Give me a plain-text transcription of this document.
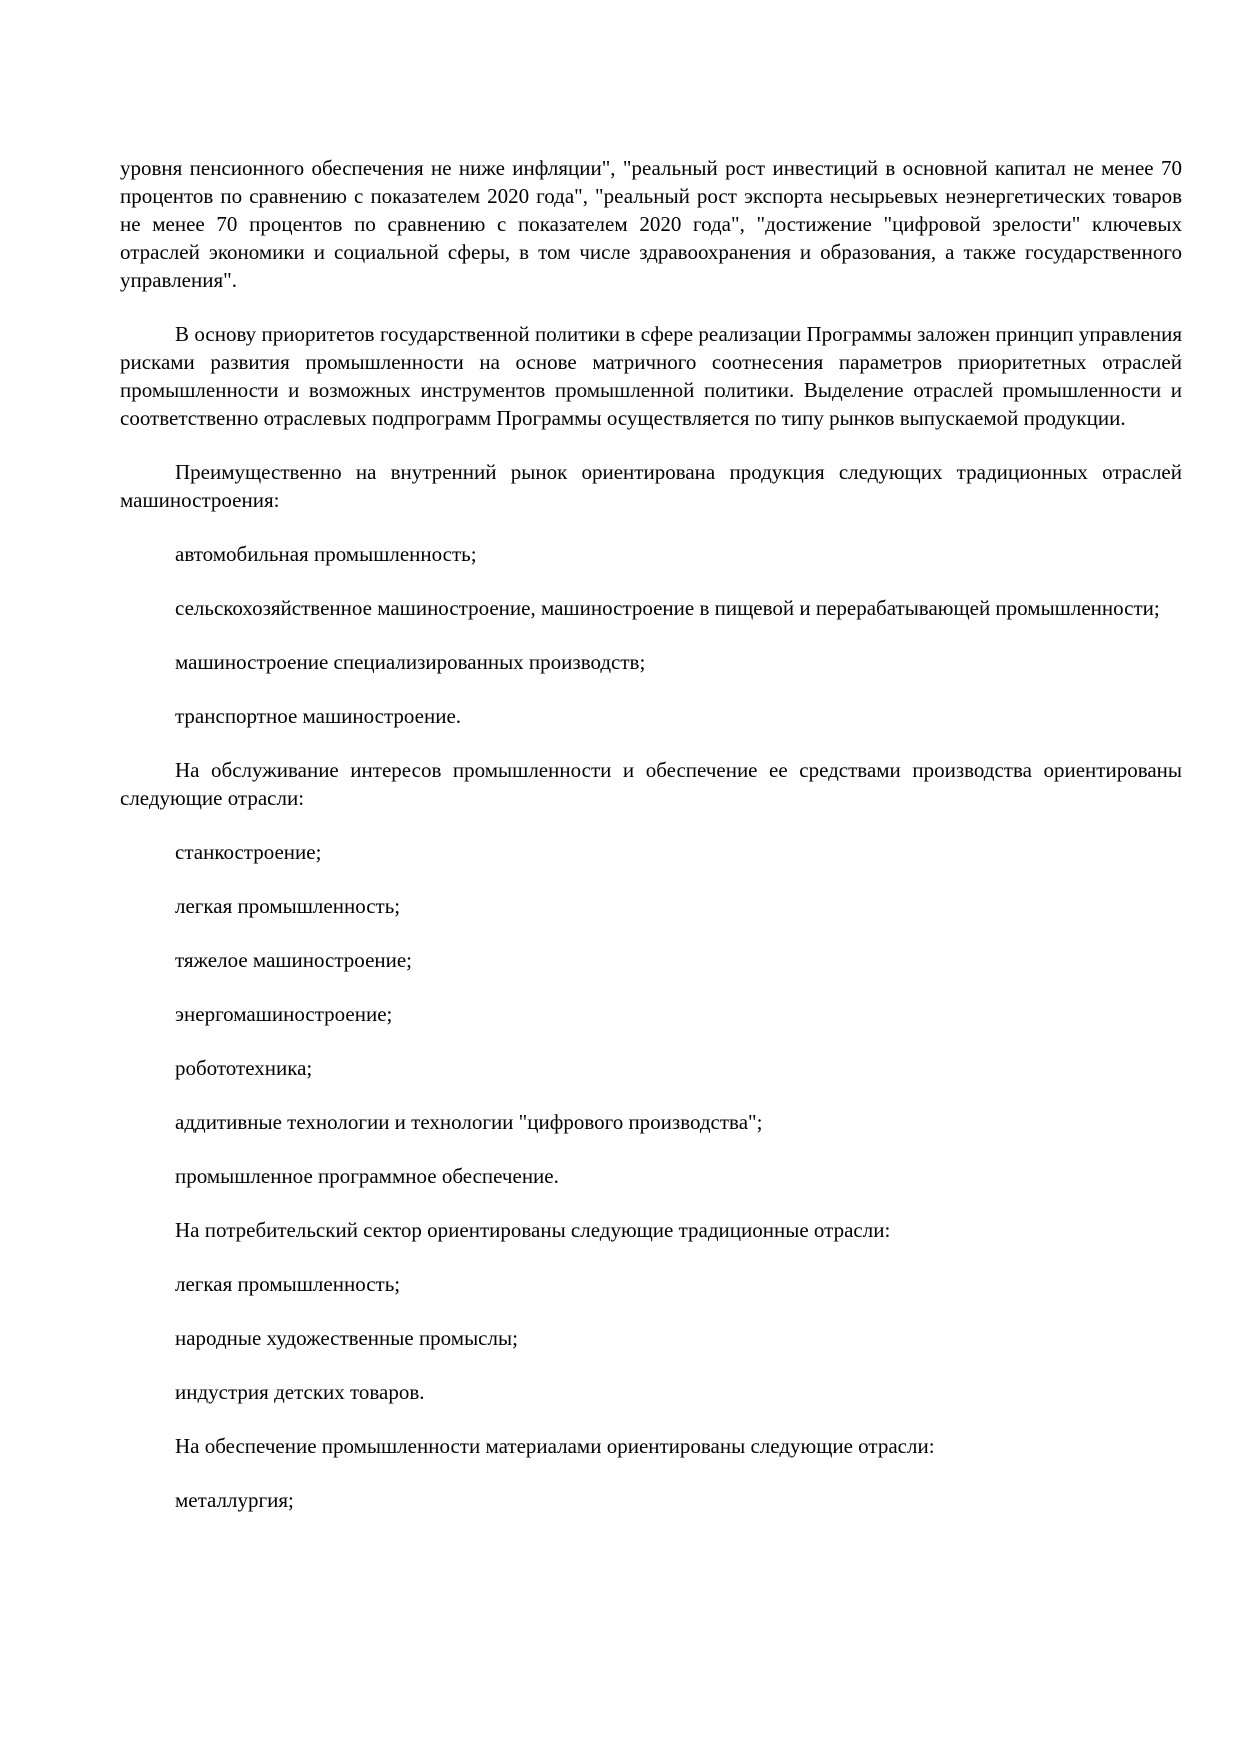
уровня пенсионного обеспечения не ниже инфляции", "реальный рост инвестиций в основной капитал не менее 70 процентов по сравнению с показателем 2020 года", "реальный рост экспорта несырьевых неэнергетических товаров не менее 70 процентов по сравнению с показателем 2020 года", "достижение "цифровой зрелости" ключевых отраслей экономики и социальной сферы, в том числе здравоохранения и образования, а также государственного управления".

В основу приоритетов государственной политики в сфере реализации Программы заложен принцип управления рисками развития промышленности на основе матричного соотнесения параметров приоритетных отраслей промышленности и возможных инструментов промышленной политики. Выделение отраслей промышленности и соответственно отраслевых подпрограмм Программы осуществляется по типу рынков выпускаемой продукции.

Преимущественно на внутренний рынок ориентирована продукция следующих традиционных отраслей машиностроения:

автомобильная промышленность;

сельскохозяйственное машиностроение, машиностроение в пищевой и перерабатывающей промышленности;

машиностроение специализированных производств;

транспортное машиностроение.

На обслуживание интересов промышленности и обеспечение ее средствами производства ориентированы следующие отрасли:

станкостроение;

легкая промышленность;

тяжелое машиностроение;

энергомашиностроение;

робототехника;

аддитивные технологии и технологии "цифрового производства";

промышленное программное обеспечение.

На потребительский сектор ориентированы следующие традиционные отрасли:

легкая промышленность;

народные художественные промыслы;

индустрия детских товаров.

На обеспечение промышленности материалами ориентированы следующие отрасли:

металлургия;
